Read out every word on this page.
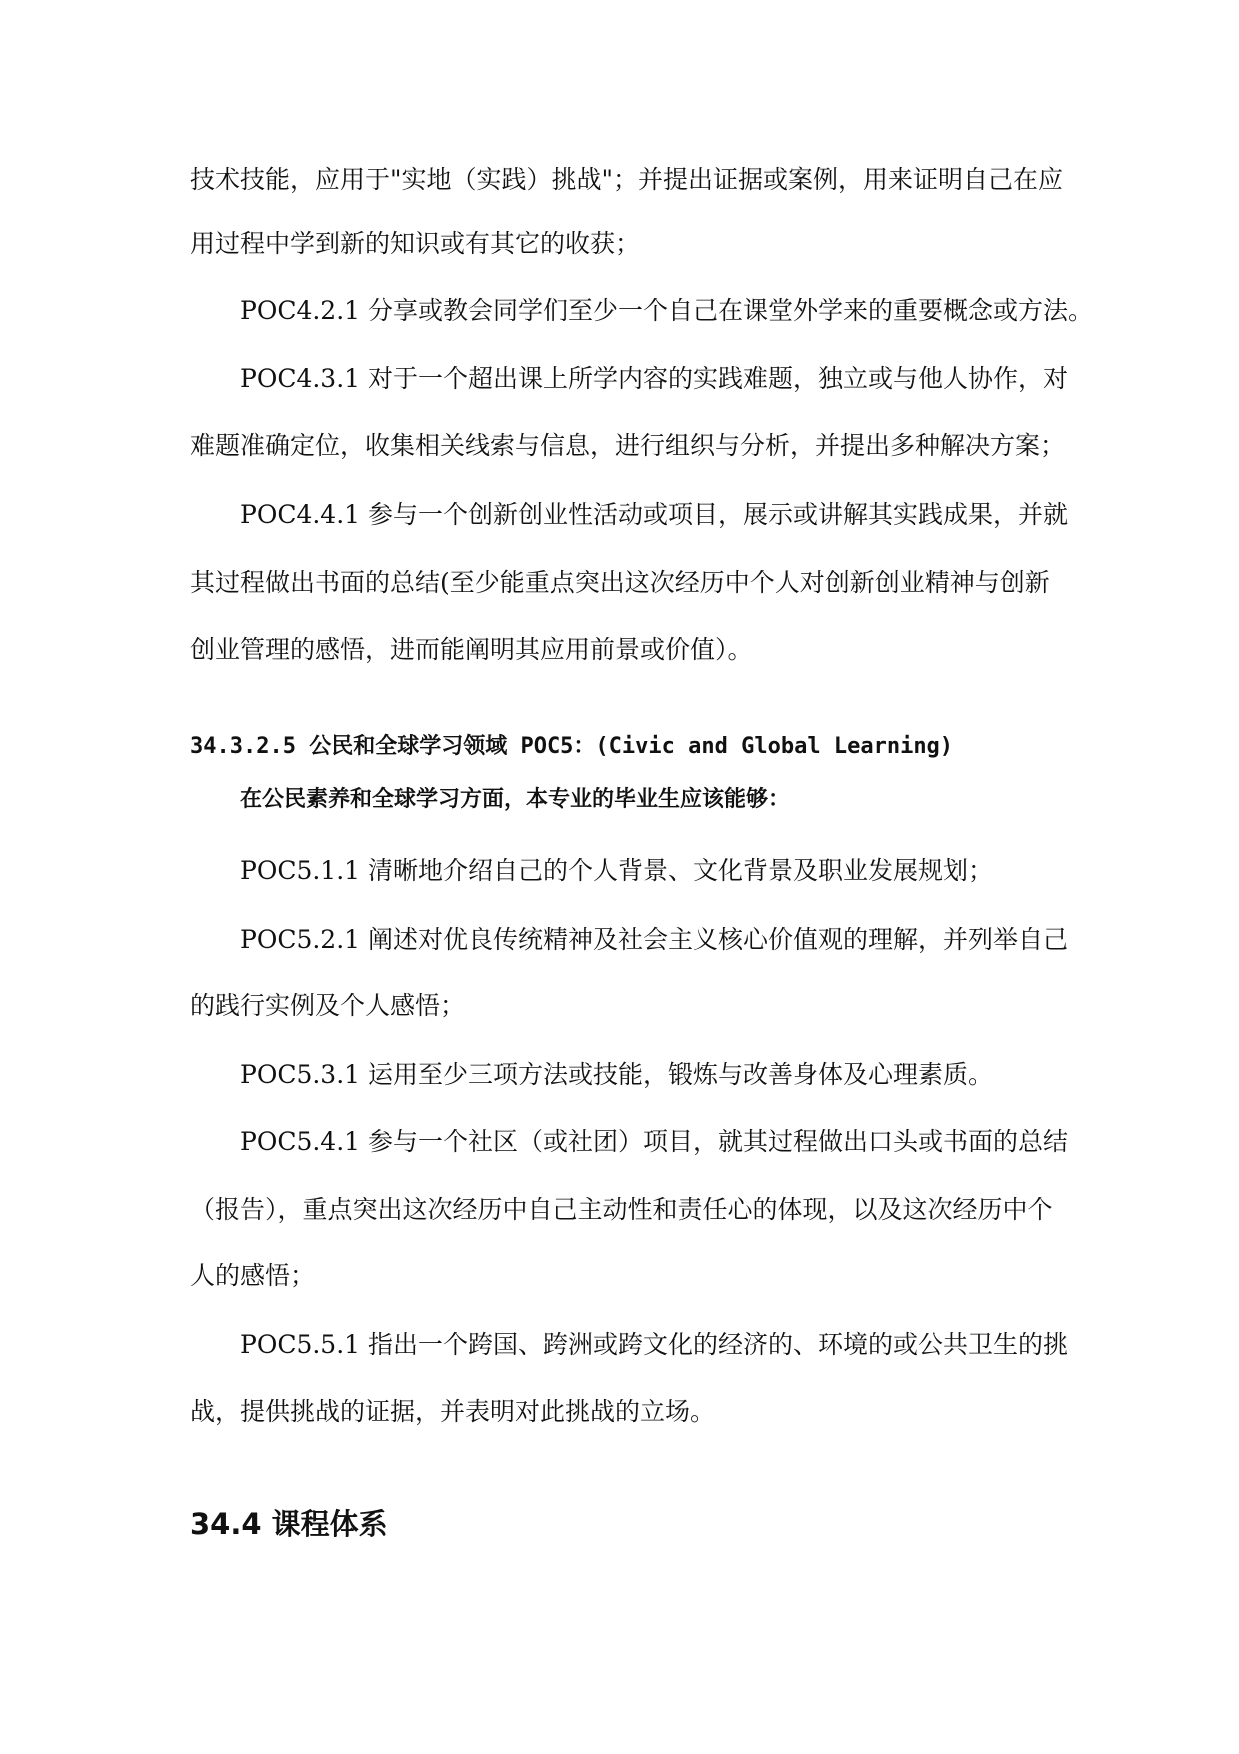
技术技能，应用于"实地（实践）挑战"；并提出证据或案例，用来证明自己在应

用过程中学到新的知识或有其它的收获；

POC4.2.1 分享或教会同学们至少一个自己在课堂外学来的重要概念或方法。

POC4.3.1 对于一个超出课上所学内容的实践难题，独立或与他人协作，对

难题准确定位，收集相关线索与信息，进行组织与分析，并提出多种解决方案；

POC4.4.1 参与一个创新创业性活动或项目，展示或讲解其实践成果，并就

其过程做出书面的总结(至少能重点突出这次经历中个人对创新创业精神与创新

创业管理的感悟，进而能阐明其应用前景或价值）。

34.3.2.5 公民和全球学习领域 POC5：(Civic and Global Learning)

在公民素养和全球学习方面，本专业的毕业生应该能够：

POC5.1.1 清晰地介绍自己的个人背景、文化背景及职业发展规划；

POC5.2.1 阐述对优良传统精神及社会主义核心价值观的理解，并列举自己

的践行实例及个人感悟；

POC5.3.1 运用至少三项方法或技能，锻炼与改善身体及心理素质。

POC5.4.1 参与一个社区（或社团）项目，就其过程做出口头或书面的总结

（报告），重点突出这次经历中自己主动性和责任心的体现，以及这次经历中个

人的感悟；

POC5.5.1 指出一个跨国、跨洲或跨文化的经济的、环境的或公共卫生的挑

战，提供挑战的证据，并表明对此挑战的立场。

34.4 课程体系
